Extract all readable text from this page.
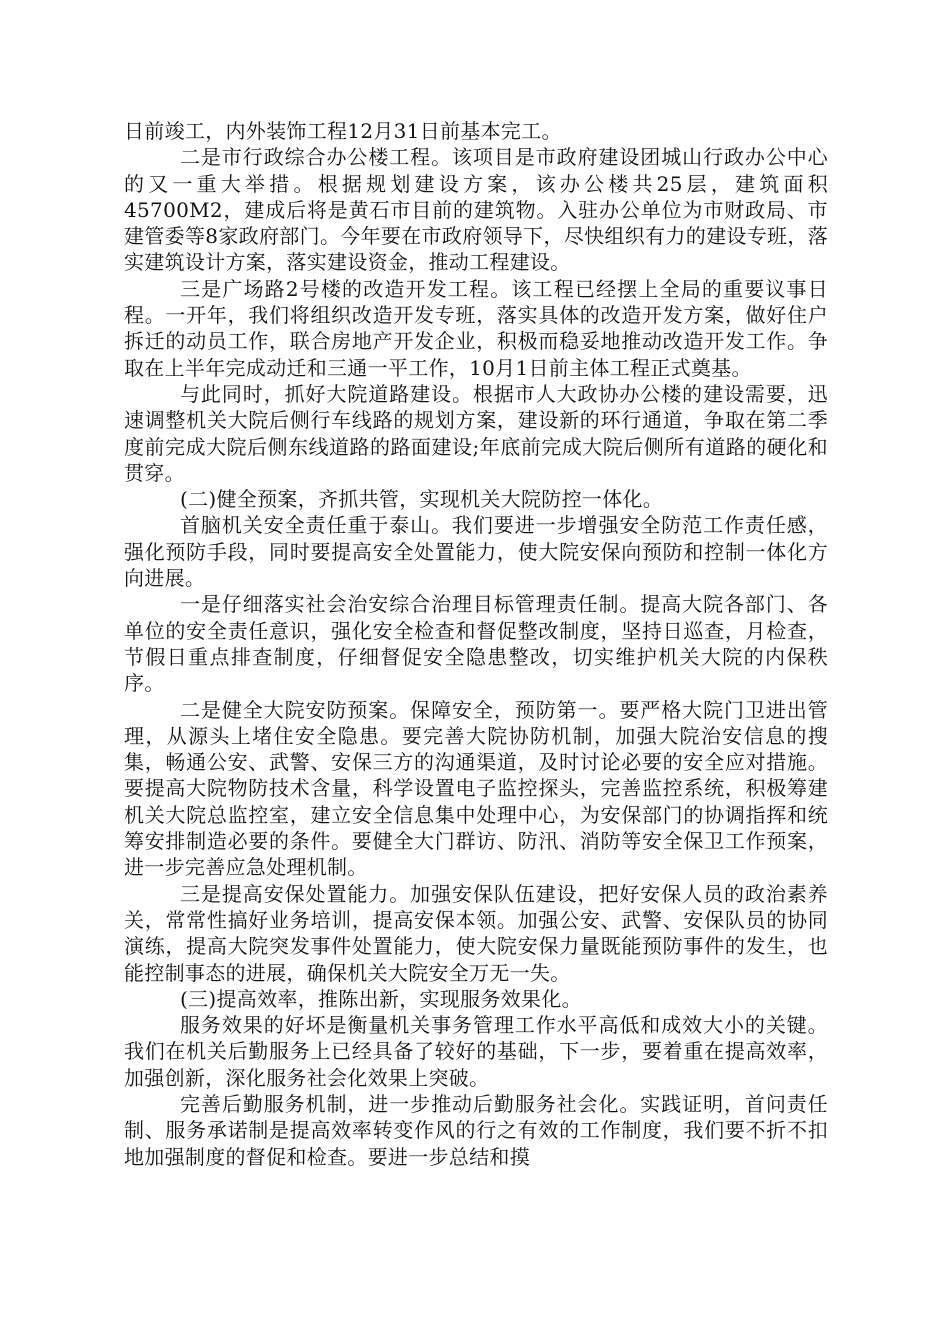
日前竣工，内外装饰工程12月31日前基本完工。

二是市行政综合办公楼工程。该项目是市政府建设团城山行政办公中心的又一重大举措。根据规划建设方案，该办公楼共25层，建筑面积45700M2，建成后将是黄石市目前的建筑物。入驻办公单位为市财政局、市建管委等8家政府部门。今年要在市政府领导下，尽快组织有力的建设专班，落实建筑设计方案，落实建设资金，推动工程建设。

三是广场路2号楼的改造开发工程。该工程已经摆上全局的重要议事日程。一开年，我们将组织改造开发专班，落实具体的改造开发方案，做好住户拆迁的动员工作，联合房地产开发企业，积极而稳妥地推动改造开发工作。争取在上半年完成动迁和三通一平工作，10月1日前主体工程正式奠基。

与此同时，抓好大院道路建设。根据市人大政协办公楼的建设需要，迅速调整机关大院后侧行车线路的规划方案，建设新的环行通道，争取在第二季度前完成大院后侧东线道路的路面建设;年底前完成大院后侧所有道路的硬化和贯穿。

(二)健全预案，齐抓共管，实现机关大院防控一体化。

首脑机关安全责任重于泰山。我们要进一步增强安全防范工作责任感，强化预防手段，同时要提高安全处置能力，使大院安保向预防和控制一体化方向进展。

一是仔细落实社会治安综合治理目标管理责任制。提高大院各部门、各单位的安全责任意识，强化安全检查和督促整改制度，坚持日巡查，月检查，节假日重点排查制度，仔细督促安全隐患整改，切实维护机关大院的内保秩序。

二是健全大院安防预案。保障安全，预防第一。要严格大院门卫进出管理，从源头上堵住安全隐患。要完善大院协防机制，加强大院治安信息的搜集，畅通公安、武警、安保三方的沟通渠道，及时讨论必要的安全应对措施。要提高大院物防技术含量，科学设置电子监控探头，完善监控系统，积极筹建机关大院总监控室，建立安全信息集中处理中心，为安保部门的协调指挥和统筹安排制造必要的条件。要健全大门群访、防汛、消防等安全保卫工作预案，进一步完善应急处理机制。

三是提高安保处置能力。加强安保队伍建设，把好安保人员的政治素养关，常常性搞好业务培训，提高安保本领。加强公安、武警、安保队员的协同演练，提高大院突发事件处置能力，使大院安保力量既能预防事件的发生，也能控制事态的进展，确保机关大院安全万无一失。

(三)提高效率，推陈出新，实现服务效果化。

服务效果的好坏是衡量机关事务管理工作水平高低和成效大小的关键。我们在机关后勤服务上已经具备了较好的基础，下一步，要着重在提高效率，加强创新，深化服务社会化效果上突破。

完善后勤服务机制，进一步推动后勤服务社会化。实践证明，首问责任制、服务承诺制是提高效率转变作风的行之有效的工作制度，我们要不折不扣地加强制度的督促和检查。要进一步总结和摸
